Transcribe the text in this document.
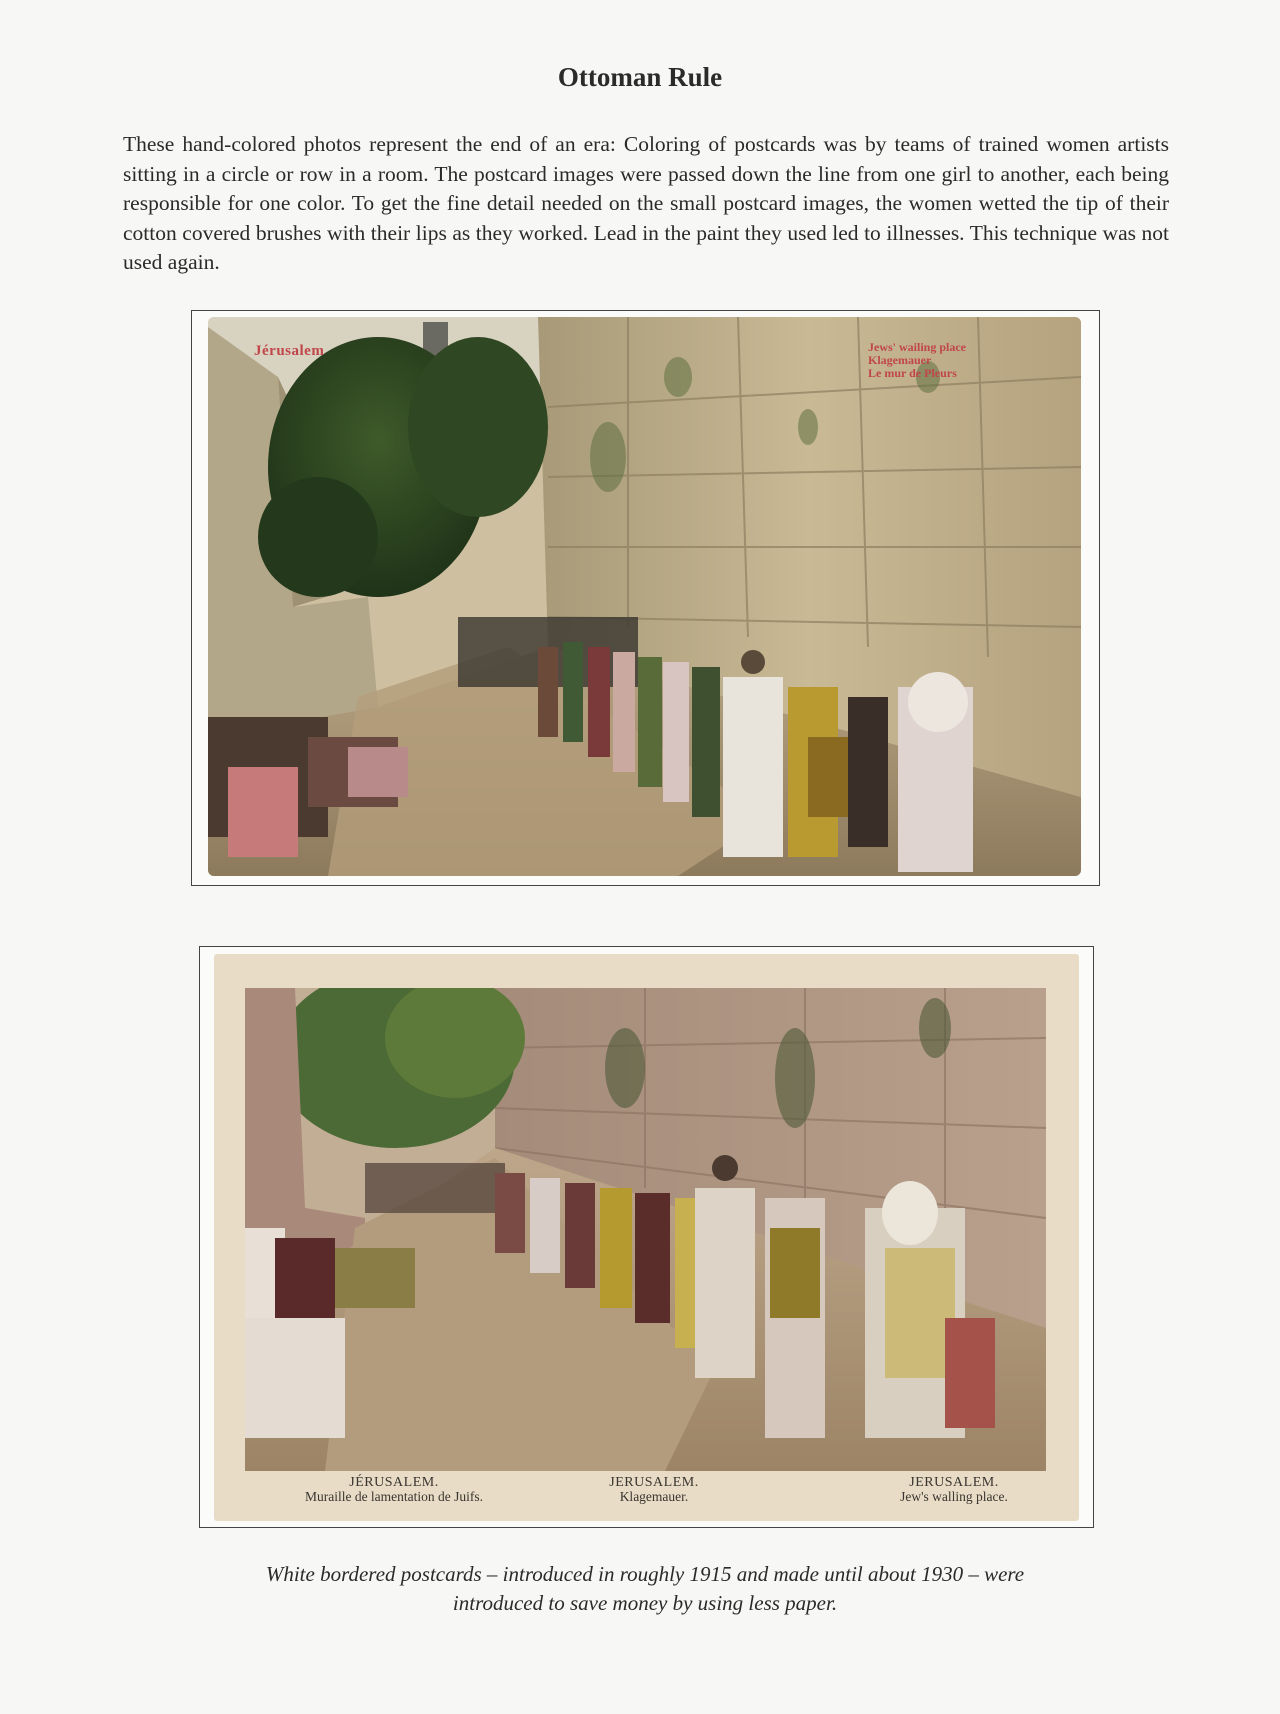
Ottoman Rule
These hand-colored photos represent the end of an era: Coloring of postcards was by teams of trained women artists sitting in a circle or row in a room. The postcard images were passed down the line from one girl to another, each being responsible for one color. To get the fine detail needed on the small postcard images, the women wetted the tip of their cotton covered brushes with their lips as they worked. Lead in the paint they used led to illnesses. This technique was not used again.
Jérusalem	Jews' wailing place
Klagemauer
Le mur de Pleurs
JÉRUSALEM.
Muraille de lamentation de Juifs.
JERUSALEM.
Klagemauer.
JERUSALEM.
Jew's walling place.
White bordered postcards – introduced in roughly 1915 and made until about 1930 – were
introduced to save money by using less paper.
